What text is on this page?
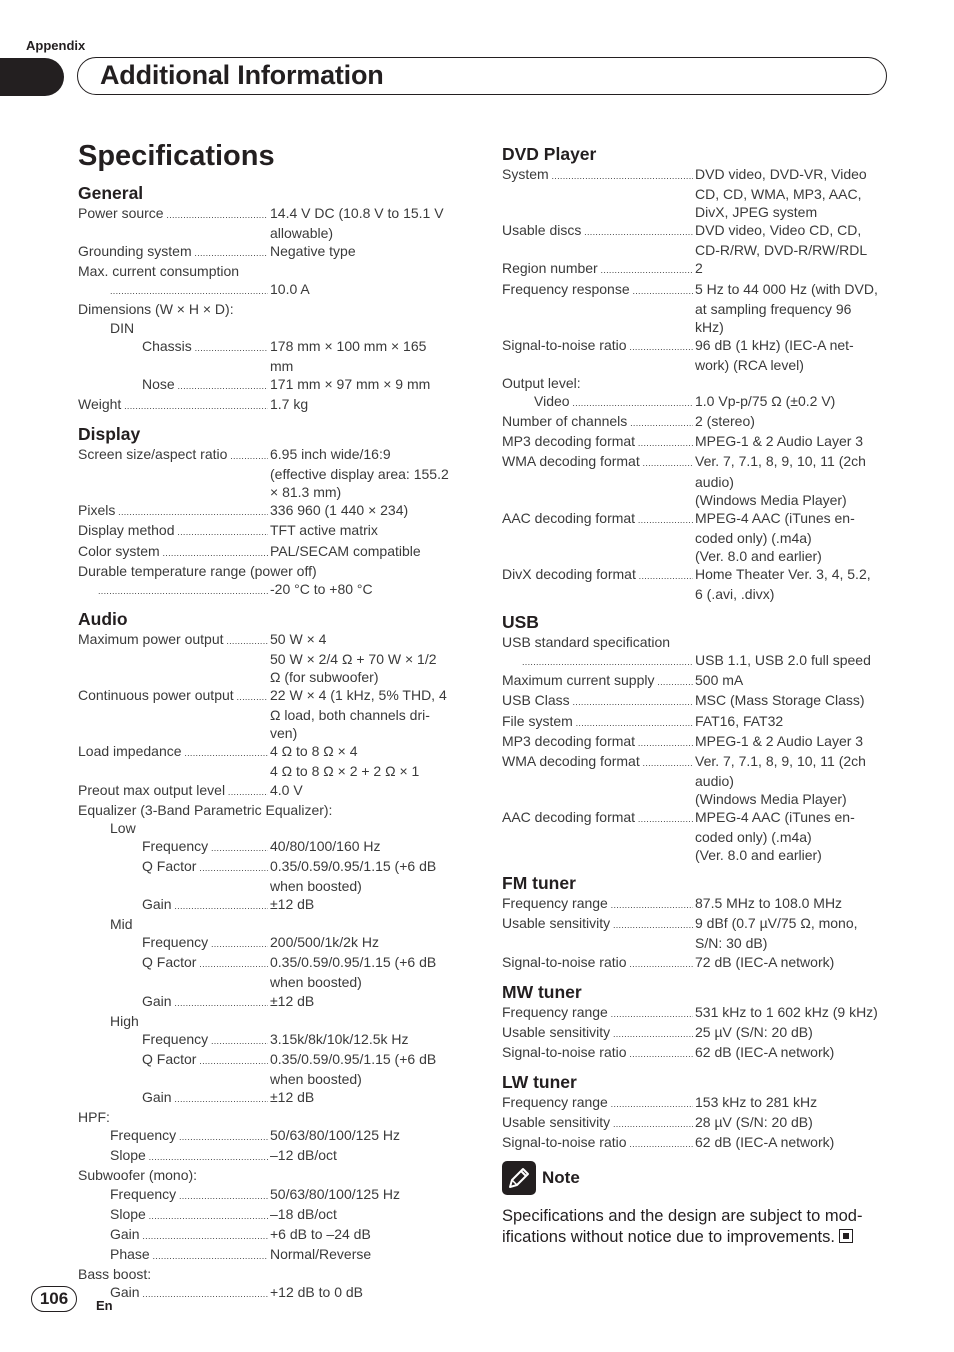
Appendix
Additional Information
Specifications
General
Power source .....	14.4 V DC (10.8 V to 15.1 V
allowable)
Grounding system .....	Negative type
Max. current consumption
.....
10.0 A
Dimensions (W × H × D):
DIN
Chassis .....	178 mm × 100 mm × 165
mm
Nose .....	171 mm × 97 mm × 9 mm
Weight .....	1.7 kg
Display
Screen size/aspect ratio .....	6.95 inch wide/16:9
(effective display area: 155.2
× 81.3 mm)
Pixels .....	336 960 (1 440 × 234)
Display method .....	TFT active matrix
Color system .....	PAL/SECAM compatible
Durable temperature range (power off)
.....
-20 °C to +80 °C
Audio
Maximum power output .....	50 W × 4
50 W × 2/4 Ω + 70 W × 1/2
Ω (for subwoofer)
Continuous power output .....	22 W × 4 (1 kHz, 5% THD, 4
Ω load, both channels dri-
ven)
Load impedance .....	4 Ω to 8 Ω × 4
4 Ω to 8 Ω × 2 + 2 Ω × 1
Preout max output level .....	4.0 V
Equalizer (3-Band Parametric Equalizer):
Low
Frequency .....	40/80/100/160 Hz
Q Factor .....	0.35/0.59/0.95/1.15 (+6 dB
when boosted)
Gain .....	±12 dB
Mid
Frequency .....	200/500/1k/2k Hz
Q Factor .....	0.35/0.59/0.95/1.15 (+6 dB
when boosted)
Gain .....	±12 dB
High
Frequency .....	3.15k/8k/10k/12.5k Hz
Q Factor .....	0.35/0.59/0.95/1.15 (+6 dB
when boosted)
Gain .....	±12 dB
HPF:
Frequency .....	50/63/80/100/125 Hz
Slope .....	–12 dB/oct
Subwoofer (mono):
Frequency .....	50/63/80/100/125 Hz
Slope .....	–18 dB/oct
Gain .....	+6 dB to –24 dB
Phase .....	Normal/Reverse
Bass boost:
Gain .....	+12 dB to 0 dB
DVD Player
System .....	DVD video, DVD-VR, Video
CD, CD, WMA, MP3, AAC,
DivX, JPEG system
Usable discs .....	DVD video, Video CD, CD,
CD-R/RW, DVD-R/RW/RDL
Region number .....	2
Frequency response .....	5 Hz to 44 000 Hz (with DVD,
at sampling frequency 96
kHz)
Signal-to-noise ratio .....	96 dB (1 kHz) (IEC-A net-
work) (RCA level)
Output level:
Video .....	1.0 Vp-p/75 Ω (±0.2 V)
Number of channels .....	2 (stereo)
MP3 decoding format .....	MPEG-1 & 2 Audio Layer 3
WMA decoding format .....	Ver. 7, 7.1, 8, 9, 10, 11 (2ch
audio)
(Windows Media Player)
AAC decoding format .....	MPEG-4 AAC (iTunes en-
coded only) (.m4a)
(Ver. 8.0 and earlier)
DivX decoding format .....	Home Theater Ver. 3, 4, 5.2,
6 (.avi, .divx)
USB
USB standard specification
.....
USB 1.1, USB 2.0 full speed
Maximum current supply .....	500 mA
USB Class .....	MSC (Mass Storage Class)
File system .....	FAT16, FAT32
MP3 decoding format .....	MPEG-1 & 2 Audio Layer 3
WMA decoding format .....	Ver. 7, 7.1, 8, 9, 10, 11 (2ch
audio)
(Windows Media Player)
AAC decoding format .....	MPEG-4 AAC (iTunes en-
coded only) (.m4a)
(Ver. 8.0 and earlier)
FM tuner
Frequency range .....	87.5 MHz to 108.0 MHz
Usable sensitivity .....	9 dBf (0.7 µV/75 Ω, mono,
S/N: 30 dB)
Signal-to-noise ratio .....	72 dB (IEC-A network)
MW tuner
Frequency range .....	531 kHz to 1 602 kHz (9 kHz)
Usable sensitivity .....	25 µV (S/N: 20 dB)
Signal-to-noise ratio .....	62 dB (IEC-A network)
LW tuner
Frequency range .....	153 kHz to 281 kHz
Usable sensitivity .....	28 µV (S/N: 20 dB)
Signal-to-noise ratio .....	62 dB (IEC-A network)
Note
Specifications and the design are subject to mod-ifications without notice due to improvements.
106	En
